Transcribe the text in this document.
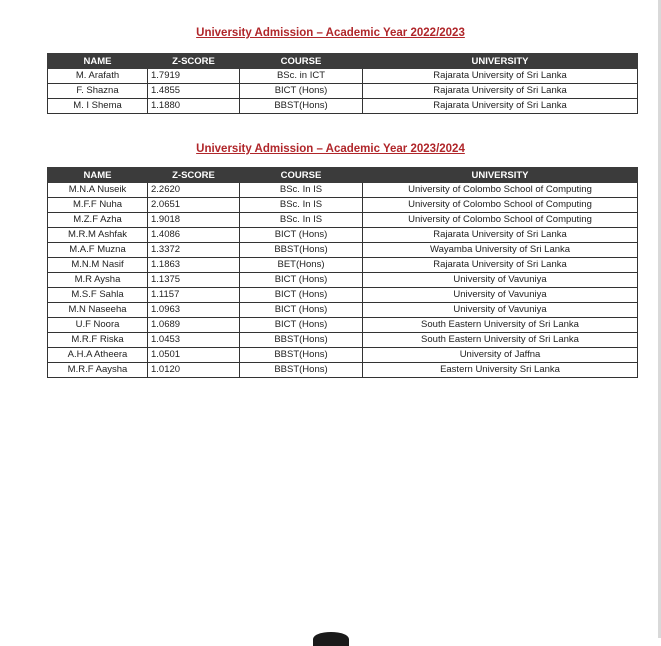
University Admission – Academic Year 2022/2023
NAME	Z-SCORE	COURSE	UNIVERSITY
M. Arafath	1.7919	BSc. in ICT	Rajarata University of Sri Lanka
F. Shazna	1.4855	BICT (Hons)	Rajarata University of Sri Lanka
M. I Shema	1.1880	BBST(Hons)	Rajarata University of Sri Lanka
University Admission – Academic Year 2023/2024
NAME	Z-SCORE	COURSE	UNIVERSITY
M.N.A Nuseik	2.2620	BSc. In IS	University of Colombo School of Computing
M.F.F Nuha	2.0651	BSc. In IS	University of Colombo School of Computing
M.Z.F Azha	1.9018	BSc. In IS	University of Colombo School of Computing
M.R.M Ashfak	1.4086	BICT (Hons)	Rajarata University of Sri Lanka
M.A.F Muzna	1.3372	BBST(Hons)	Wayamba University of Sri Lanka
M.N.M Nasif	1.1863	BET(Hons)	Rajarata University of Sri Lanka
M.R Aysha	1.1375	BICT (Hons)	University of Vavuniya
M.S.F Sahla	1.1157	BICT (Hons)	University of Vavuniya
M.N Naseeha	1.0963	BICT (Hons)	University of Vavuniya
U.F Noora	1.0689	BICT (Hons)	South Eastern University of Sri Lanka
M.R.F Riska	1.0453	BBST(Hons)	South Eastern University of Sri Lanka
A.H.A Atheera	1.0501	BBST(Hons)	University of Jaffna
M.R.F Aaysha	1.0120	BBST(Hons)	Eastern University Sri Lanka
